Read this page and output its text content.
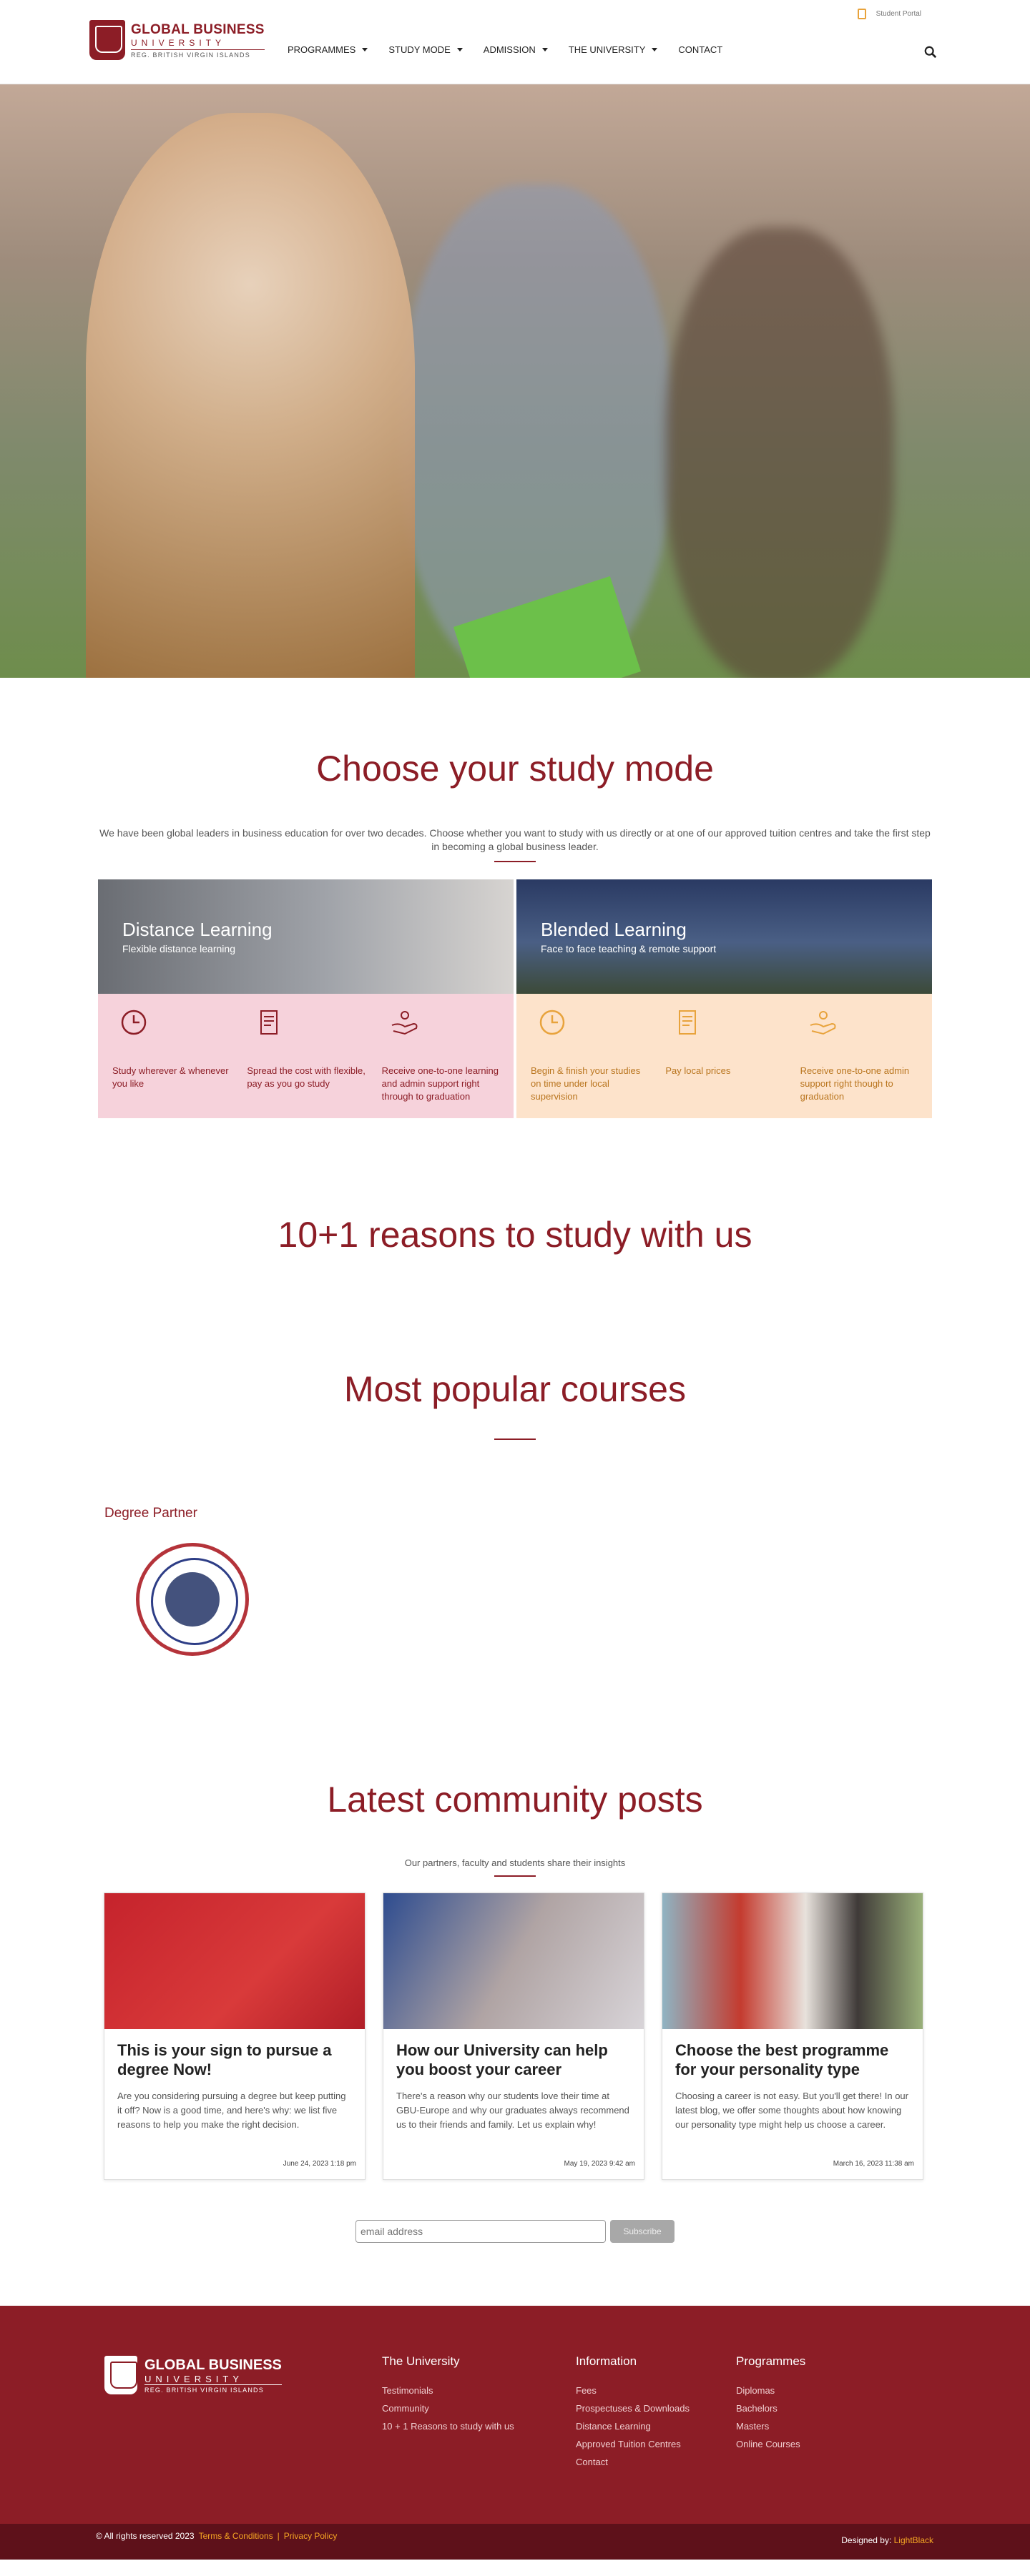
Student Portal
GLOBAL BUSINESS
UNIVERSITY
REG. BRITISH VIRGIN ISLANDS	PROGRAMMES	STUDY MODE	ADMISSION	THE UNIVERSITY	CONTACT
Choose your study mode

We have been global leaders in business education for over two decades. Choose whether you want to study with us directly or at one of our approved tuition centres and take the first step in becoming a global business leader.

Distance Learning
Flexible distance learning
Study wherever & whenever you like
Spread the cost with flexible, pay as you go study
Receive one-to-one learning and admin support right through to graduation
Blended Learning
Face to face teaching & remote support
Begin & finish your studies on time under local supervision
Pay local prices	Receive one-to-one admin support right though to graduation
10+1 reasons to study with us
Most popular courses
Degree Partner
Latest community posts

Our partners, faculty and students share their insights

This is your sign to pursue a degree Now!

Are you considering pursuing a degree but keep putting it off? Now is a good time, and here's why: we list five reasons to help you make the right decision.

June 24, 2023 1:18 pm
How our University can help you boost your career

There's a reason why our students love their time at GBU-Europe and why our graduates always recommend us to their friends and family. Let us explain why!

May 19, 2023 9:42 am
Choose the best programme for your personality type

Choosing a career is not easy. But you'll get there! In our latest blog, we offer some thoughts about how knowing our personality type might help us choose a career.

March 16, 2023 11:38 am
email address
Subscribe
GLOBAL BUSINESS
UNIVERSITY
REG. BRITISH VIRGIN ISLANDS
The University
Testimonials
Community
10 + 1 Reasons to study with us
Information
Fees
Prospectuses & Downloads
Distance Learning
Approved Tuition Centres
Contact
Programmes
Diplomas
Bachelors
Masters
Online Courses
© All rights reserved 2023 Terms & Conditions | Privacy Policy	Designed by: LightBlack
